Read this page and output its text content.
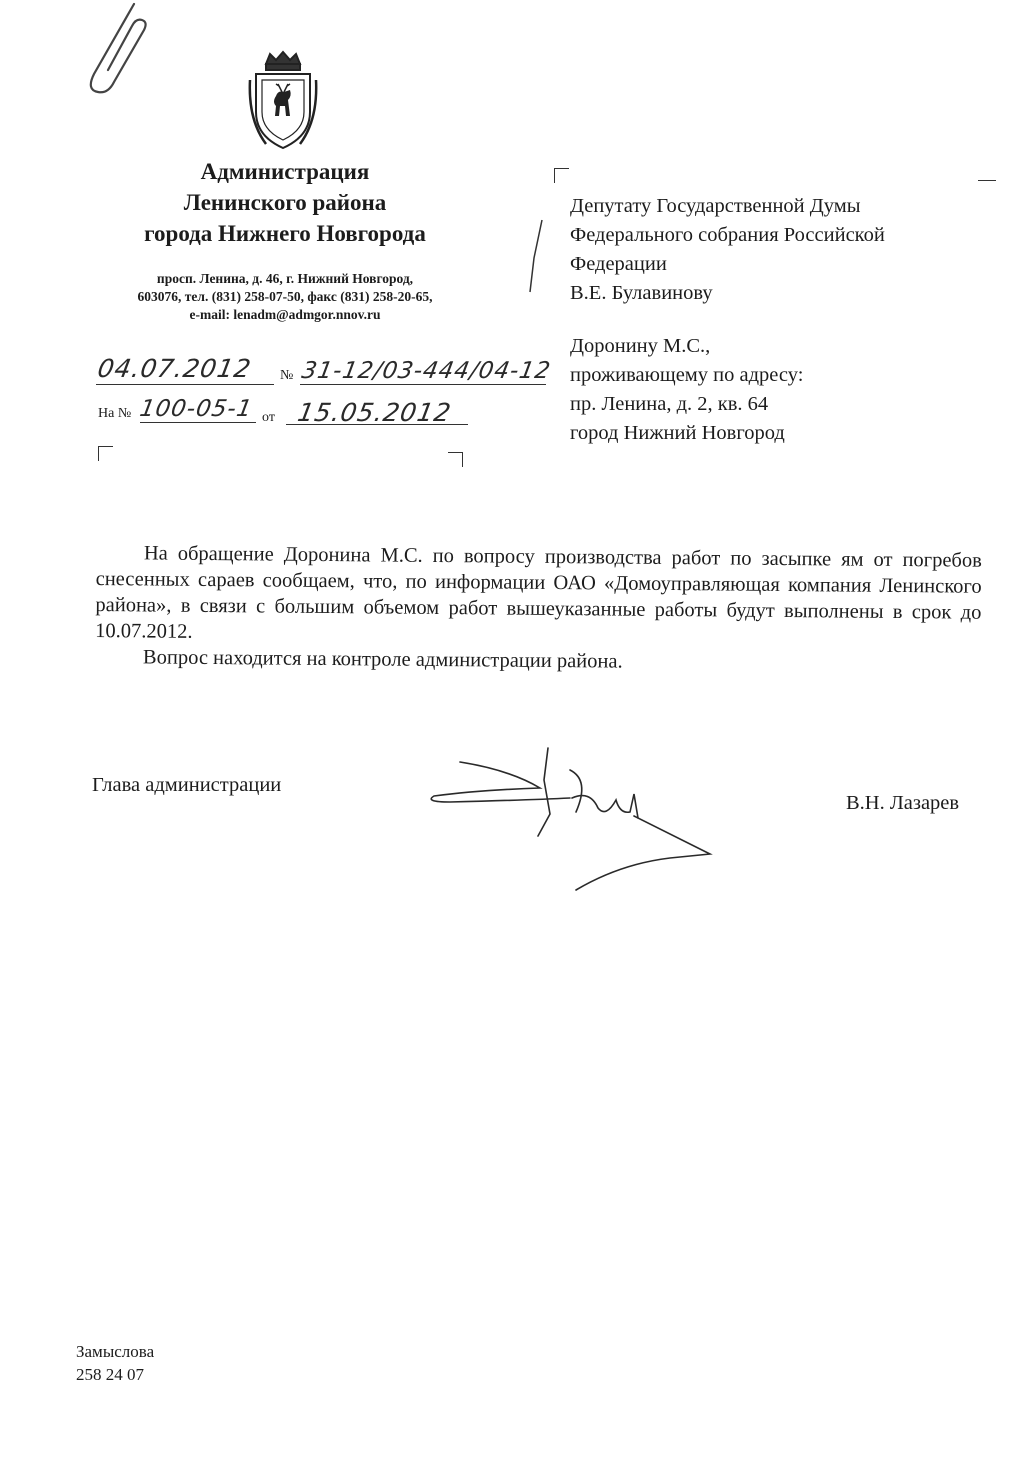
Администрация
Ленинского района
города Нижнего Новгорода
просп. Ленина, д. 46, г. Нижний Новгород,
603076, тел. (831) 258-07-50, факс (831) 258-20-65,
e-mail: lenadm@admgor.nnov.ru
04.07.2012 № 31-12/03-444/04-12
На № 100-05-1 от 15.05.2012
Депутату Государственной Думы
Федерального собрания Российской
Федерации
В.Е. Булавинову
Доронину М.С.,
проживающему по адресу:
пр. Ленина, д. 2, кв. 64
город Нижний Новгород

На обращение Доронина М.С. по вопросу производства работ по засыпке ям от погребов снесенных сараев сообщаем, что, по информации ОАО «Домоуправляющая компания Ленинского района», в связи с большим объемом работ вышеуказанные работы будут выполнены в срок до 10.07.2012.

Вопрос находится на контроле администрации района.

Глава администрации
В.Н. Лазарев
Замыслова
258 24 07
